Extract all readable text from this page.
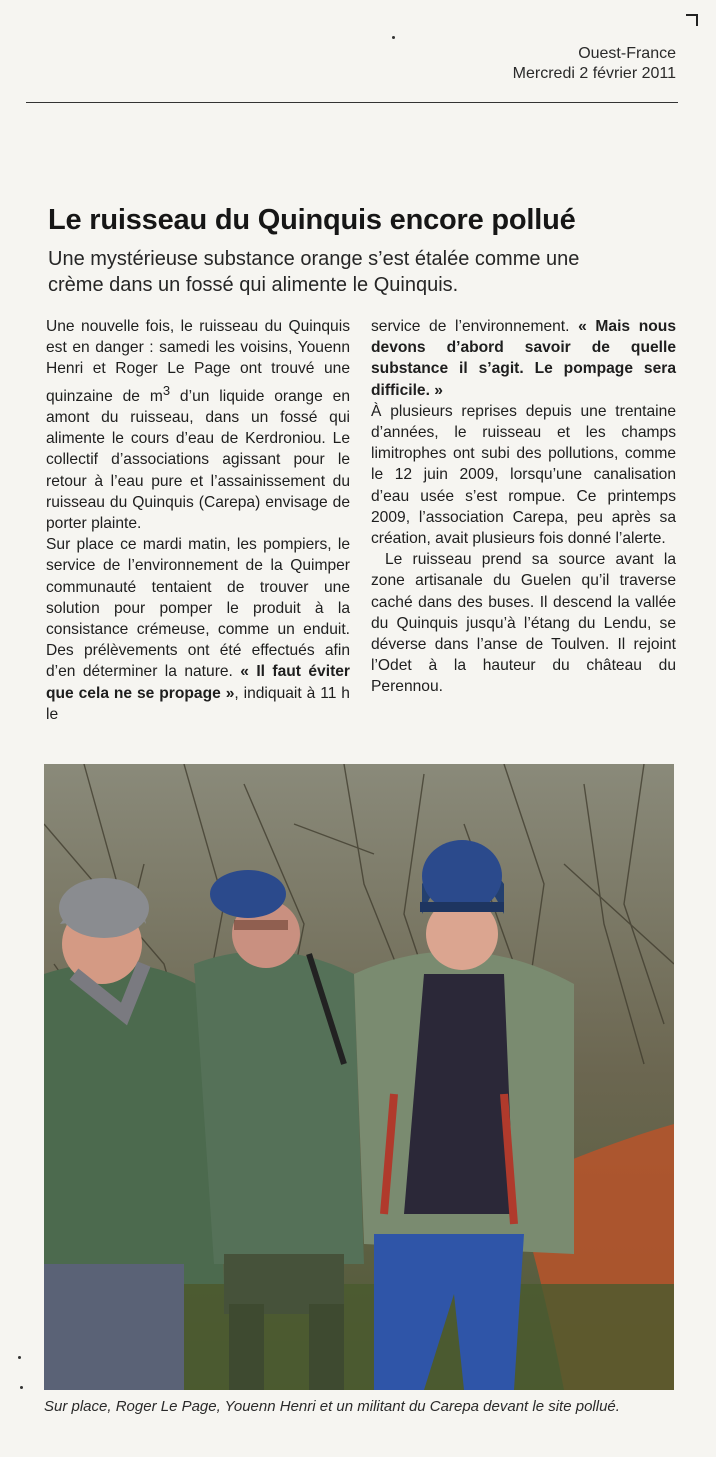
Ouest-France
Mercredi 2 février 2011
Le ruisseau du Quinquis encore pollué
Une mystérieuse substance orange s’est étalée comme une crème dans un fossé qui alimente le Quinquis.

Une nouvelle fois, le ruisseau du Quinquis est en danger : samedi les voisins, Youenn Henri et Roger Le Page ont trouvé une quinzaine de $m^3$ d’un liquide orange en amont du ruisseau, dans un fossé qui alimente le cours d’eau de Kerdroniou. Le collectif d’associations agissant pour le retour à l’eau pure et l’assainissement du ruisseau du Quinquis (Carepa) envisage de porter plainte.

Sur place ce mardi matin, les pompiers, le service de l’environnement de la Quimper communauté tentaient de trouver une solution pour pomper le produit à la consistance crémeuse, comme un enduit. Des prélèvements ont été effectués afin d’en déterminer la nature. « Il faut éviter que cela ne se propage », indiquait à 11 h le

service de l’environnement. « Mais nous devons d’abord savoir de quelle substance il s’agit. Le pompage sera difficile. »

À plusieurs reprises depuis une trentaine d’années, le ruisseau et les champs limitrophes ont subi des pollutions, comme le 12 juin 2009, lorsqu’une canalisation d’eau usée s’est rompue. Ce printemps 2009, l’association Carepa, peu après sa création, avait plusieurs fois donné l’alerte.

Le ruisseau prend sa source avant la zone artisanale du Guelen qu’il traverse caché dans des buses. Il descend la vallée du Quinquis jusqu’à l’étang du Lendu, se déverse dans l’anse de Toulven. Il rejoint l’Odet à la hauteur du château du Perennou.

Sur place, Roger Le Page, Youenn Henri et un militant du Carepa devant le site pollué.
